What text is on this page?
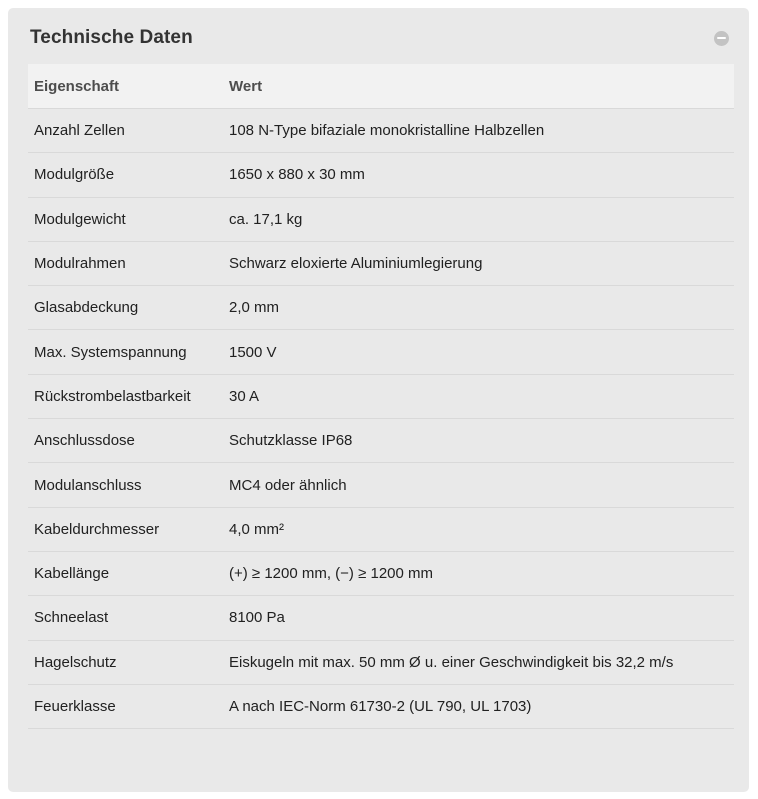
Technische Daten
Eigenschaft	Wert
Anzahl Zellen	108 N-Type bifaziale monokristalline Halbzellen
Modulgröße	1650 x 880 x 30 mm
Modulgewicht	ca. 17,1 kg
Modulrahmen	Schwarz eloxierte Aluminiumlegierung
Glasabdeckung	2,0 mm
Max. Systemspannung	1500 V
Rückstrombelastbarkeit	30 A
Anschlussdose	Schutzklasse IP68
Modulanschluss	MC4 oder ähnlich
Kabeldurchmesser	4,0 mm²
Kabellänge	(+) ≥ 1200 mm, (−) ≥ 1200 mm
Schneelast	8100 Pa
Hagelschutz	Eiskugeln mit max. 50 mm Ø u. einer Geschwindigkeit bis 32,2 m/s
Feuerklasse	A nach IEC-Norm 61730-2 (UL 790, UL 1703)
